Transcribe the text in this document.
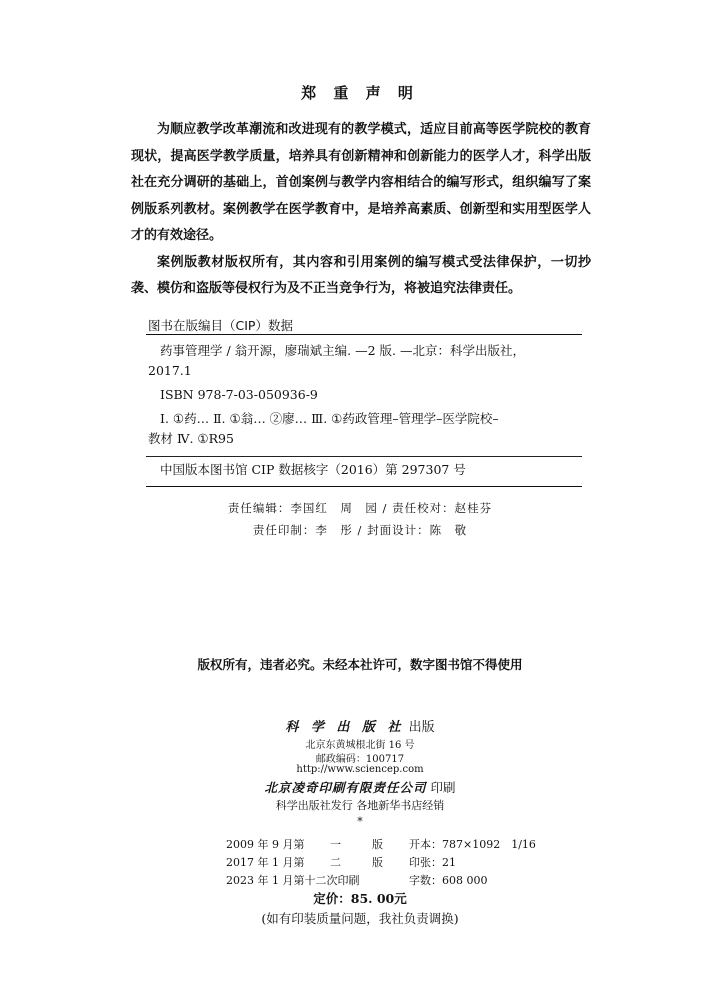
郑 重 声 明

为顺应教学改革潮流和改进现有的教学模式，适应目前高等医学院校的教育现状，提高医学教学质量，培养具有创新精神和创新能力的医学人才，科学出版社在充分调研的基础上，首创案例与教学内容相结合的编写形式，组织编写了案例版系列教材。案例教学在医学教育中，是培养高素质、创新型和实用型医学人才的有效途径。

案例版教材版权所有，其内容和引用案例的编写模式受法律保护，一切抄袭、模仿和盗版等侵权行为及不正当竞争行为，将被追究法律责任。

图书在版编目（CIP）数据
药事管理学 / 翁开源，廖瑞斌主编. —2 版. —北京：科学出版社，
2017.1
ISBN 978-7-03-050936-9
Ⅰ. ①药… Ⅱ. ①翁… ②廖… Ⅲ. ①药政管理–管理学–医学院校–
教材 Ⅳ. ①R95
中国版本图书馆 CIP 数据核字（2016）第 297307 号
责任编辑：李国红　周　园 / 责任校对：赵桂芬
责任印制：李　彤 / 封面设计：陈　敬
版权所有，违者必究。未经本社许可，数字图书馆不得使用
科 学 出 版 社 出版
北京东黄城根北街 16 号
邮政编码：100717
http://www.sciencep.com
北京凌奇印刷有限责任公司 印刷
科学出版社发行 各地新华书店经销
*
2009 年 9 月第 一	版 开本：787×1092　1/16
2017 年 1 月第 二	版 印张：21
2023 年 1 月第十二次印刷	字数：608 000
定价：85. 00元
(如有印装质量问题，我社负责调换)
